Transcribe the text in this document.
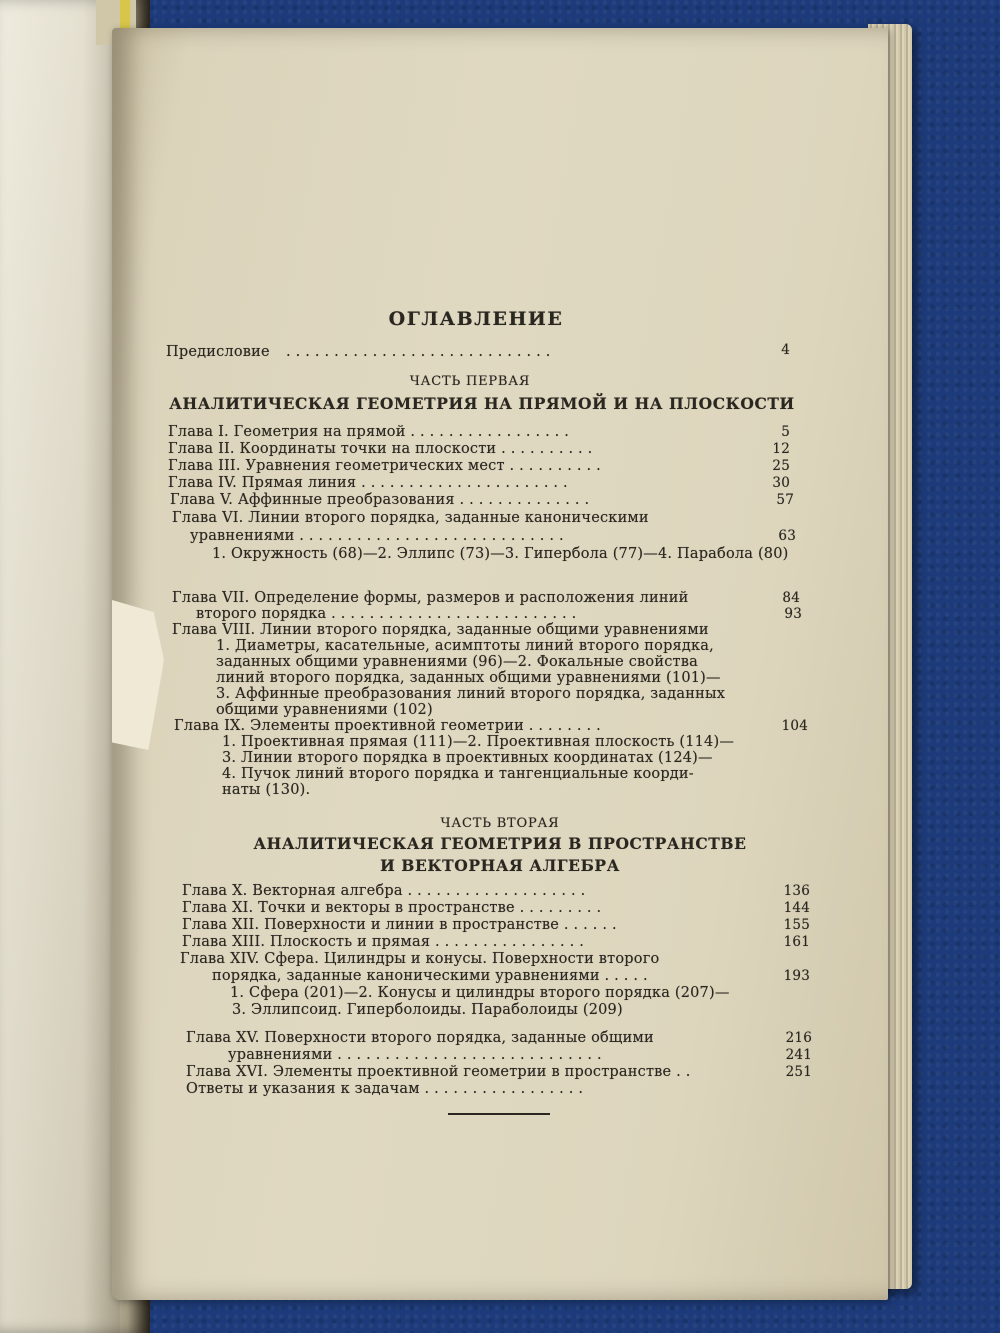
ОГЛАВЛЕНИЕ
Предисловие . . . . . . . . . . . . . . . . . . . . . . . . . . . .	4
ЧАСТЬ ПЕРВАЯ
АНАЛИТИЧЕСКАЯ ГЕОМЕТРИЯ НА ПРЯМОЙ И НА ПЛОСКОСТИ
Глава I. Геометрия на прямой . . . . . . . . . . . . . . . . .
Глава II. Координаты точки на плоскости . . . . . . . . . .
Глава III. Уравнения геометрических мест . . . . . . . . . .
Глава IV. Прямая линия . . . . . . . . . . . . . . . . . . . . . .
Глава V. Аффинные преобразования . . . . . . . . . . . . . .
Глава VI. Линии второго порядка, заданные каноническими
уравнениями . . . . . . . . . . . . . . . . . . . . . . . . . . . .
1. Окружность (68)—2. Эллипс (73)—3. Гипербола (77)—4. Парабола (80)
Глава VII. Определение формы, размеров и расположения линий
второго порядка . . . . . . . . . . . . . . . . . . . . . . . . . .
Глава VIII. Линии второго порядка, заданные общими уравнениями
1. Диаметры, касательные, асимптоты линий второго порядка,
заданных общими уравнениями (96)—2. Фокальные свойства
линий второго порядка, заданных общими уравнениями (101)—
3. Аффинные преобразования линий второго порядка, заданных
общими уравнениями (102)
Глава IX. Элементы проективной геометрии . . . . . . . .
1. Проективная прямая (111)—2. Проективная плоскость (114)—
3. Линии второго порядка в проективных координатах (124)—
4. Пучок линий второго порядка и тангенциальные коорди-
наты (130).
5
12
25
30
57
63
84
93
104
ЧАСТЬ ВТОРАЯ
АНАЛИТИЧЕСКАЯ ГЕОМЕТРИЯ В ПРОСТРАНСТВЕ
И ВЕКТОРНАЯ АЛГЕБРА
Глава X. Векторная алгебра . . . . . . . . . . . . . . . . . . .
Глава XI. Точки и векторы в пространстве . . . . . . . . .
Глава XII. Поверхности и линии в пространстве . . . . . .
Глава XIII. Плоскость и прямая . . . . . . . . . . . . . . . .
Глава XIV. Сфера. Цилиндры и конусы. Поверхности второго
порядка, заданные каноническими уравнениями . . . . .
1. Сфера (201)—2. Конусы и цилиндры второго порядка (207)—
3. Эллипсоид. Гиперболоиды. Параболоиды (209)
Глава XV. Поверхности второго порядка, заданные общими
уравнениями . . . . . . . . . . . . . . . . . . . . . . . . . . . .
Глава XVI. Элементы проективной геометрии в пространстве . .
Ответы и указания к задачам . . . . . . . . . . . . . . . . .
136
144
155
161
193
216
241
251
